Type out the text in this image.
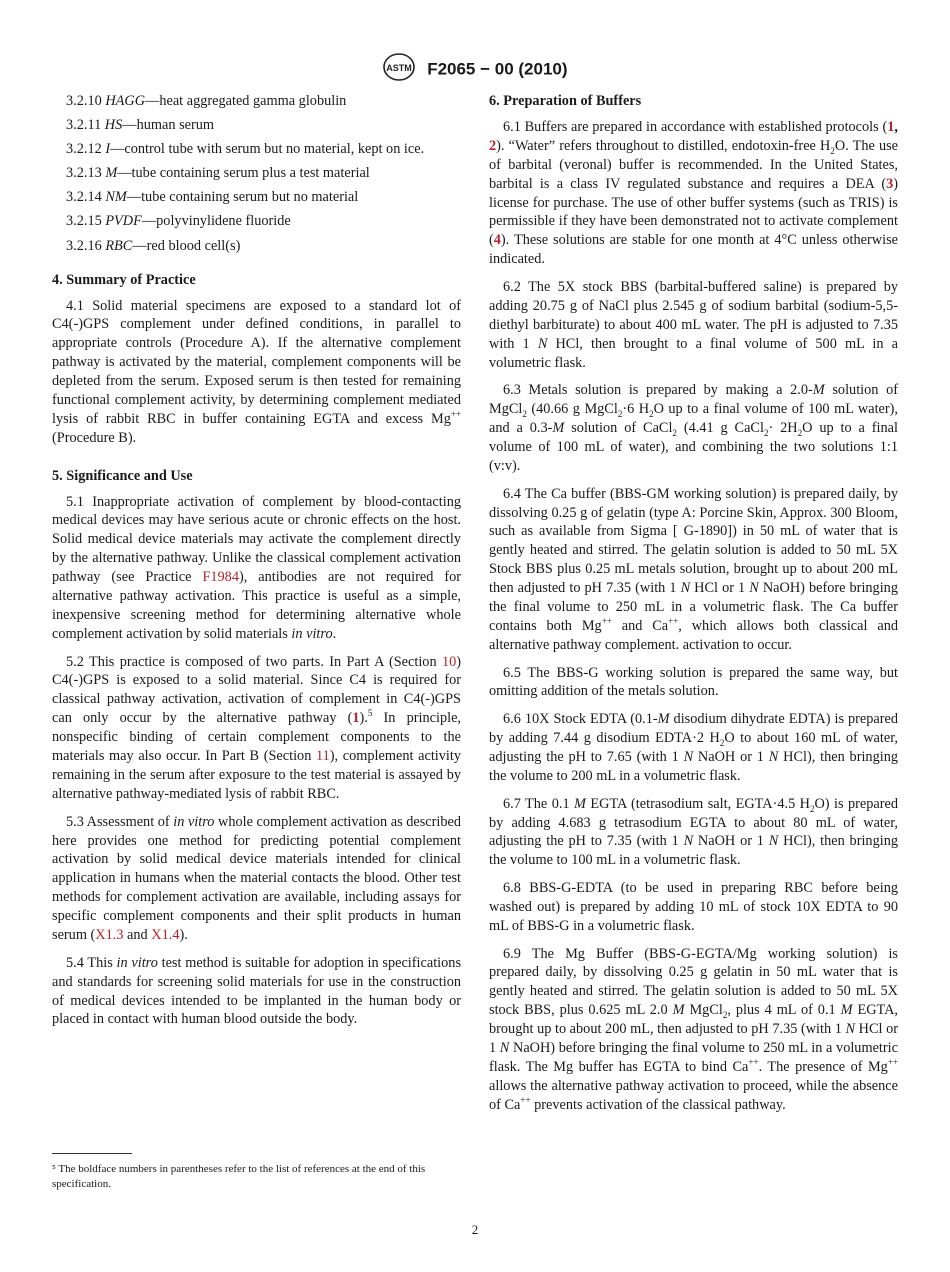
ASTM F2065 − 00 (2010)

3.2.10 HAGG—heat aggregated gamma globulin

3.2.11 HS—human serum

3.2.12 I—control tube with serum but no material, kept on ice.

3.2.13 M—tube containing serum plus a test material

3.2.14 NM—tube containing serum but no material

3.2.15 PVDF—polyvinylidene fluoride

3.2.16 RBC—red blood cell(s)

4. Summary of Practice

4.1 Solid material specimens are exposed to a standard lot of C4(-)GPS complement under defined conditions, in parallel to appropriate controls (Procedure A). If the alternative complement pathway is activated by the material, complement components will be depleted from the serum. Exposed serum is then tested for remaining functional complement activity, by determining complement mediated lysis of rabbit RBC in buffer containing EGTA and excess Mg++ (Procedure B).

5. Significance and Use

5.1 Inappropriate activation of complement by blood-contacting medical devices may have serious acute or chronic effects on the host. Solid medical device materials may activate the complement directly by the alternative pathway. Unlike the classical complement activation pathway (see Practice F1984), antibodies are not required for alternative pathway activation. This practice is useful as a simple, inexpensive screening method for determining alternative whole complement activation by solid materials in vitro.

5.2 This practice is composed of two parts. In Part A (Section 10) C4(-)GPS is exposed to a solid material. Since C4 is required for classical pathway activation, activation of complement in C4(-)GPS can only occur by the alternative pathway (1).$^5$ In principle, nonspecific binding of certain complement components to the materials may also occur. In Part B (Section 11), complement activity remaining in the serum after exposure to the test material is assayed by alternative pathway-mediated lysis of rabbit RBC.

5.3 Assessment of in vitro whole complement activation as described here provides one method for predicting potential complement activation by solid medical device materials intended for clinical application in humans when the material contacts the blood. Other test methods for complement activation are available, including assays for specific complement components and their split products in human serum (X1.3 and X1.4).

5.4 This in vitro test method is suitable for adoption in specifications and standards for screening solid materials for use in the construction of medical devices intended to be implanted in the human body or placed in contact with human blood outside the body.

⁵ The boldface numbers in parentheses refer to the list of references at the end of this specification.
6. Preparation of Buffers

6.1 Buffers are prepared in accordance with established protocols (1, 2). “Water” refers throughout to distilled, endotoxin-free $H_2O$. The use of barbital (veronal) buffer is recommended. In the United States, barbital is a class IV regulated substance and requires a DEA (3) license for purchase. The use of other buffer systems (such as TRIS) is permissible if they have been demonstrated not to activate complement (4). These solutions are stable for one month at 4°C unless otherwise indicated.

6.2 The 5X stock BBS (barbital-buffered saline) is prepared by adding 20.75 g of NaCl plus 2.545 g of sodium barbital (sodium-5,5-diethyl barbiturate) to about 400 mL water. The pH is adjusted to 7.35 with 1 N HCl, then brought to a final volume of 500 mL in a volumetric flask.

6.3 Metals solution is prepared by making a 2.0-M solution of MgCl$_2$ (40.66 g MgCl$_2$·6 $H_2O$ up to a final volume of 100 mL water), and a 0.3-M solution of CaCl$_2$ (4.41 g CaCl$_2$· $2H_2O$ up to a final volume of 100 mL of water), and combining the two solutions 1:1 (v:v).

6.4 The Ca buffer (BBS-GM working solution) is prepared daily, by dissolving 0.25 g of gelatin (type A: Porcine Skin, Approx. 300 Bloom, such as available from Sigma [ G-1890]) in 50 mL of water that is gently heated and stirred. The gelatin solution is added to 50 mL 5X Stock BBS plus 0.25 mL metals solution, brought up to about 200 mL then adjusted to pH 7.35 (with 1 N HCl or 1 N NaOH) before bringing the final volume to 250 mL in a volumetric flask. The Ca buffer contains both Mg++ and Ca++, which allows both classical and alternative pathway complement. activation to occur.

6.5 The BBS-G working solution is prepared the same way, but omitting addition of the metals solution.

6.6 10X Stock EDTA (0.1-M disodium dihydrate EDTA) is prepared by adding 7.44 g disodium EDTA·2 $H_2O$ to about 160 mL of water, adjusting the pH to 7.65 (with 1 N NaOH or 1 N HCl), then bringing the volume to 200 mL in a volumetric flask.

6.7 The 0.1 M EGTA (tetrasodium salt, EGTA·4.5 $H_2O$) is prepared by adding 4.683 g tetrasodium EGTA to about 80 mL of water, adjusting the pH to 7.35 (with 1 N NaOH or 1 N HCl), then bringing the volume to 100 mL in a volumetric flask.

6.8 BBS-G-EDTA (to be used in preparing RBC before being washed out) is prepared by adding 10 mL of stock 10X EDTA to 90 mL of BBS-G in a volumetric flask.

6.9 The Mg Buffer (BBS-G-EGTA/Mg working solution) is prepared daily, by dissolving 0.25 g gelatin in 50 mL water that is gently heated and stirred. The gelatin solution is added to 50 mL 5X stock BBS, plus 0.625 mL 2.0 M MgCl$_2$, plus 4 mL of 0.1 M EGTA, brought up to about 200 mL, then adjusted to pH 7.35 (with 1 N HCl or 1 N NaOH) before bringing the final volume to 250 mL in a volumetric flask. The Mg buffer has EGTA to bind Ca++. The presence of Mg++ allows the alternative pathway activation to proceed, while the absence of Ca++ prevents activation of the classical pathway.

2
